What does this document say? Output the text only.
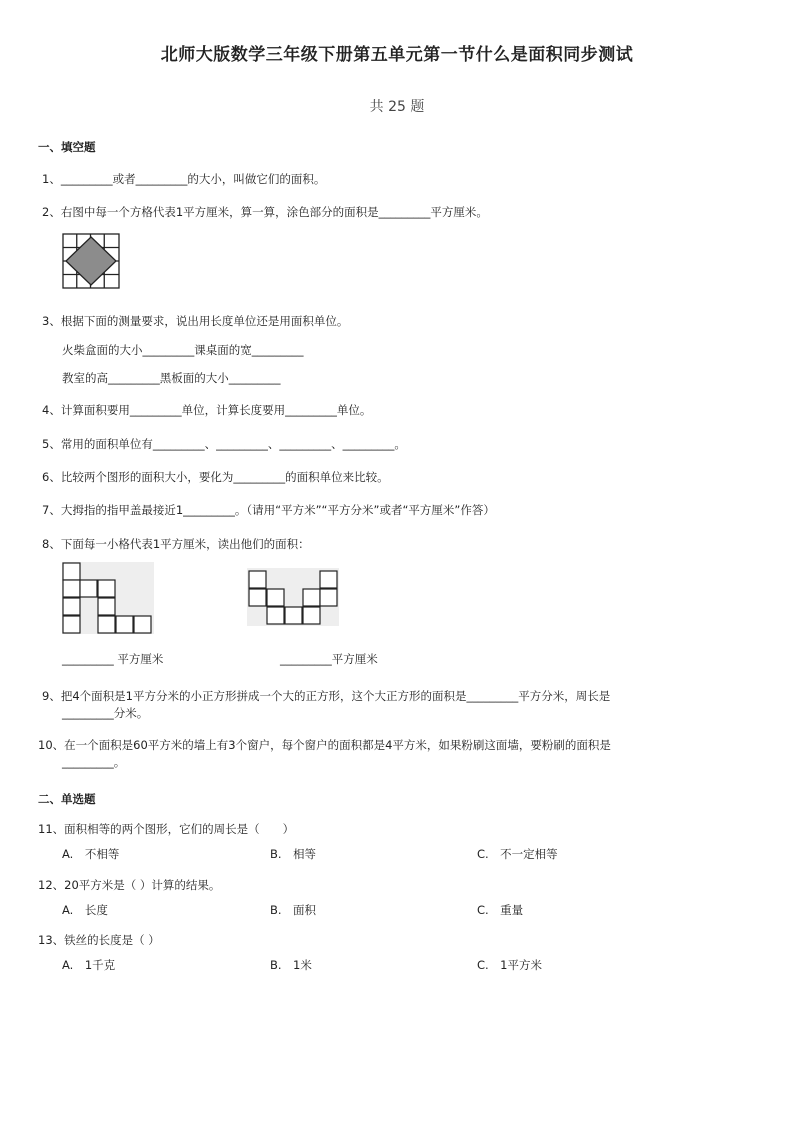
北师大版数学三年级下册第五单元第一节什么是面积同步测试
共 25 题
一、填空题
1、_________或者_________的大小，叫做它们的面积。
2、右图中每一个方格代表1平方厘米，算一算，涂色部分的面积是_________平方厘米。
3、根据下面的测量要求，说出用长度单位还是用面积单位。
火柴盒面的大小_________课桌面的宽_________
教室的高_________黑板面的大小_________
4、计算面积要用_________单位，计算长度要用_________单位。
5、常用的面积单位有_________、_________、_________、_________。
6、比较两个图形的面积大小，要化为_________的面积单位来比较。
7、大拇指的指甲盖最接近1_________。（请用“平方米”“平方分米”或者“平方厘米”作答）
8、下面每一小格代表1平方厘米，读出他们的面积：
_________ 平方厘米	_________平方厘米
9、把4个面积是1平方分米的小正方形拼成一个大的正方形，这个大正方形的面积是_________平方分米，周长是
_________分米。
10、在一个面积是60平方米的墙上有3个窗户，每个窗户的面积都是4平方米，如果粉刷这面墙，要粉刷的面积是
_________。
二、单选题
11、面积相等的两个图形，它们的周长是（　　）
A.　不相等	B.　相等	C.　不一定相等
12、20平方米是（ ）计算的结果。
A.　长度	B.　面积	C.　重量
13、铁丝的长度是（ ）
A.　1千克	B.　1米	C.　1平方米
